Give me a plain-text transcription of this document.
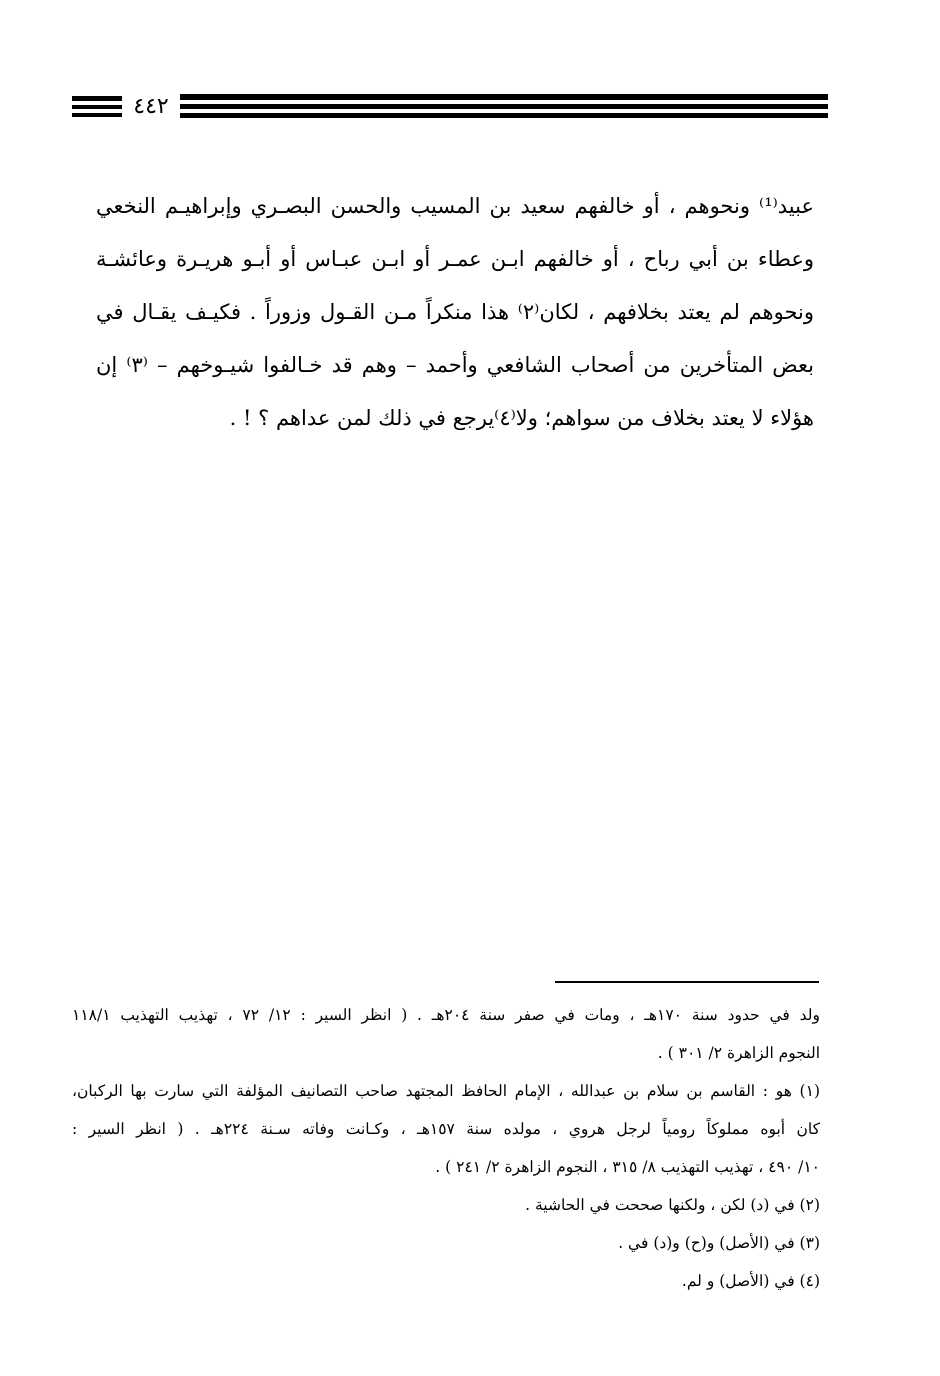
٤٤٢
عبيد⁽¹⁾ ونحوهم ، أو خالفهم سعيد بن المسيب والحسن البصـري وإبراهيـم النخعي
وعطاء بن أبي رباح ، أو خالفهم ابـن عمـر أو ابـن عبـاس أو أبـو هريـرة وعائشـة
ونحوهم لم يعتد بخلافهم ، لكان⁽٢⁾ هذا منكراً مـن القـول وزوراً . فكيـف يقـال في
بعض المتأخرين من أصحاب الشافعي وأحمد – وهم قد خـالفوا شيـوخهم – ⁽٣⁾ إن
هؤلاء لا يعتد بخلاف من سواهم؛ ولا⁽٤⁾يرجع في ذلك لمن عداهم ؟ ! .
ولد في حدود سنة ١٧٠هـ ، ومات في صفر سنة ٢٠٤هـ . ( انظر السير : ١٢/ ٧٢ ، تهذيب التهذيب ١١٨/١
النجوم الزاهرة ٢/ ٣٠١ ) .
(١) هو : القاسم بن سلام بن عبدالله ، الإمام الحافظ المجتهد صاحب التصانيف المؤلفة التي سارت بها الركبان،
كان أبوه مملوكاً رومياً لرجل هروي ، مولده سنة ١٥٧هـ ، وكـانت وفاته سـنة ٢٢٤هـ . ( انظر السير :
١٠/ ٤٩٠ ، تهذيب التهذيب ٨/ ٣١٥ ، النجوم الزاهرة ٢/ ٢٤١ ) .
(٢) في (د) لكن ، ولكنها صححت في الحاشية .
(٣) في (الأصل) و(ح) و(د) في .
(٤) في (الأصل) و لم.
